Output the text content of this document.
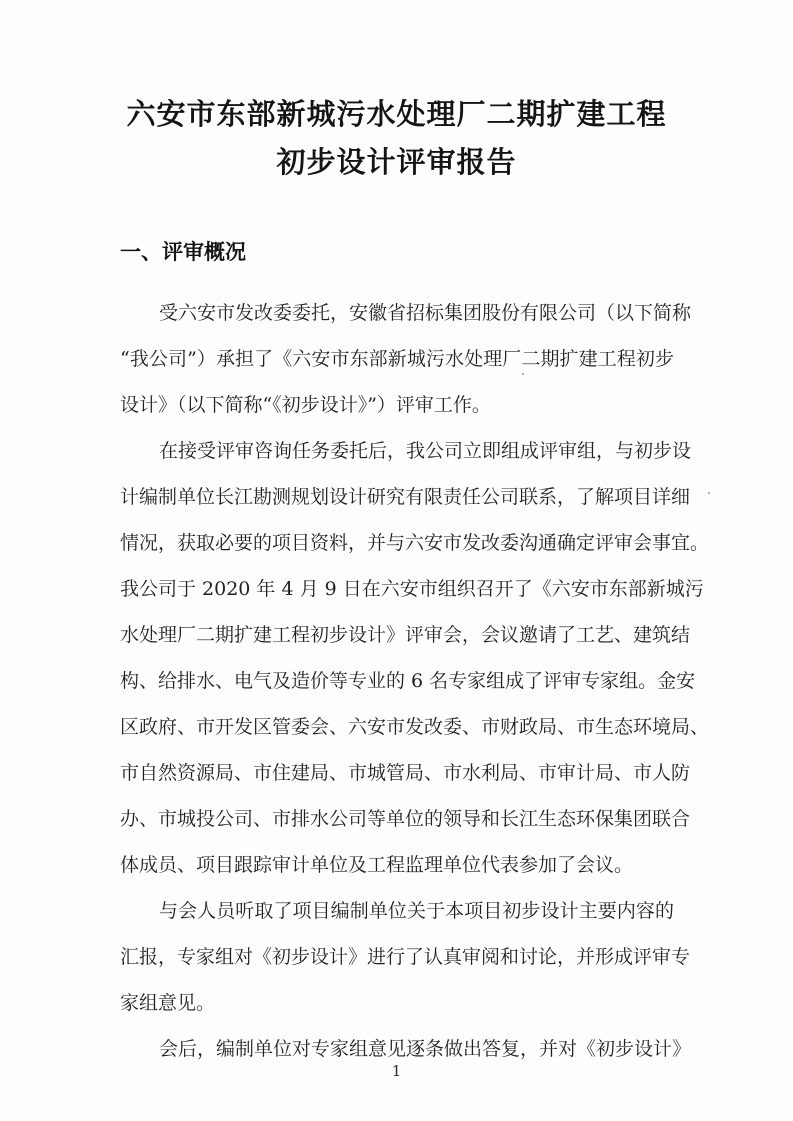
六安市东部新城污水处理厂二期扩建工程
初步设计评审报告
一、评审概况
受六安市发改委委托，安徽省招标集团股份有限公司（以下简称
“我公司”）承担了《六安市东部新城污水处理厂二期扩建工程初步
设计》（以下简称“《初步设计》”）评审工作。
在接受评审咨询任务委托后，我公司立即组成评审组，与初步设
计编制单位长江勘测规划设计研究有限责任公司联系，了解项目详细
情况，获取必要的项目资料，并与六安市发改委沟通确定评审会事宜。
我公司于 2020 年 4 月 9 日在六安市组织召开了《六安市东部新城污
水处理厂二期扩建工程初步设计》评审会，会议邀请了工艺、建筑结
构、给排水、电气及造价等专业的 6 名专家组成了评审专家组。金安
区政府、市开发区管委会、六安市发改委、市财政局、市生态环境局、
市自然资源局、市住建局、市城管局、市水利局、市审计局、市人防
办、市城投公司、市排水公司等单位的领导和长江生态环保集团联合
体成员、项目跟踪审计单位及工程监理单位代表参加了会议。
与会人员听取了项目编制单位关于本项目初步设计主要内容的
汇报，专家组对《初步设计》进行了认真审阅和讨论，并形成评审专
家组意见。
会后，编制单位对专家组意见逐条做出答复，并对《初步设计》
1
